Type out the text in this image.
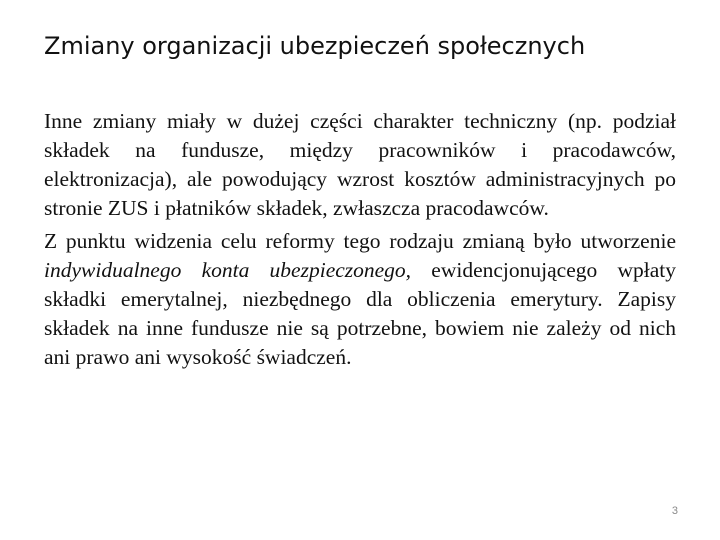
Zmiany organizacji ubezpieczeń społecznych

Inne zmiany miały w dużej części charakter techniczny (np. podział składek na fundusze, między pracowników i pracodawców, elektronizacja), ale powodujący wzrost kosztów administracyjnych po stronie ZUS i płatników składek, zwłaszcza pracodawców.

Z punktu widzenia celu reformy tego rodzaju zmianą było utworzenie indywidualnego konta ubezpieczonego, ewidencjonującego wpłaty składki emerytalnej, niezbędnego dla obliczenia emerytury. Zapisy składek na inne fundusze nie są potrzebne, bowiem nie zależy od nich ani prawo ani wysokość świadczeń.

3
